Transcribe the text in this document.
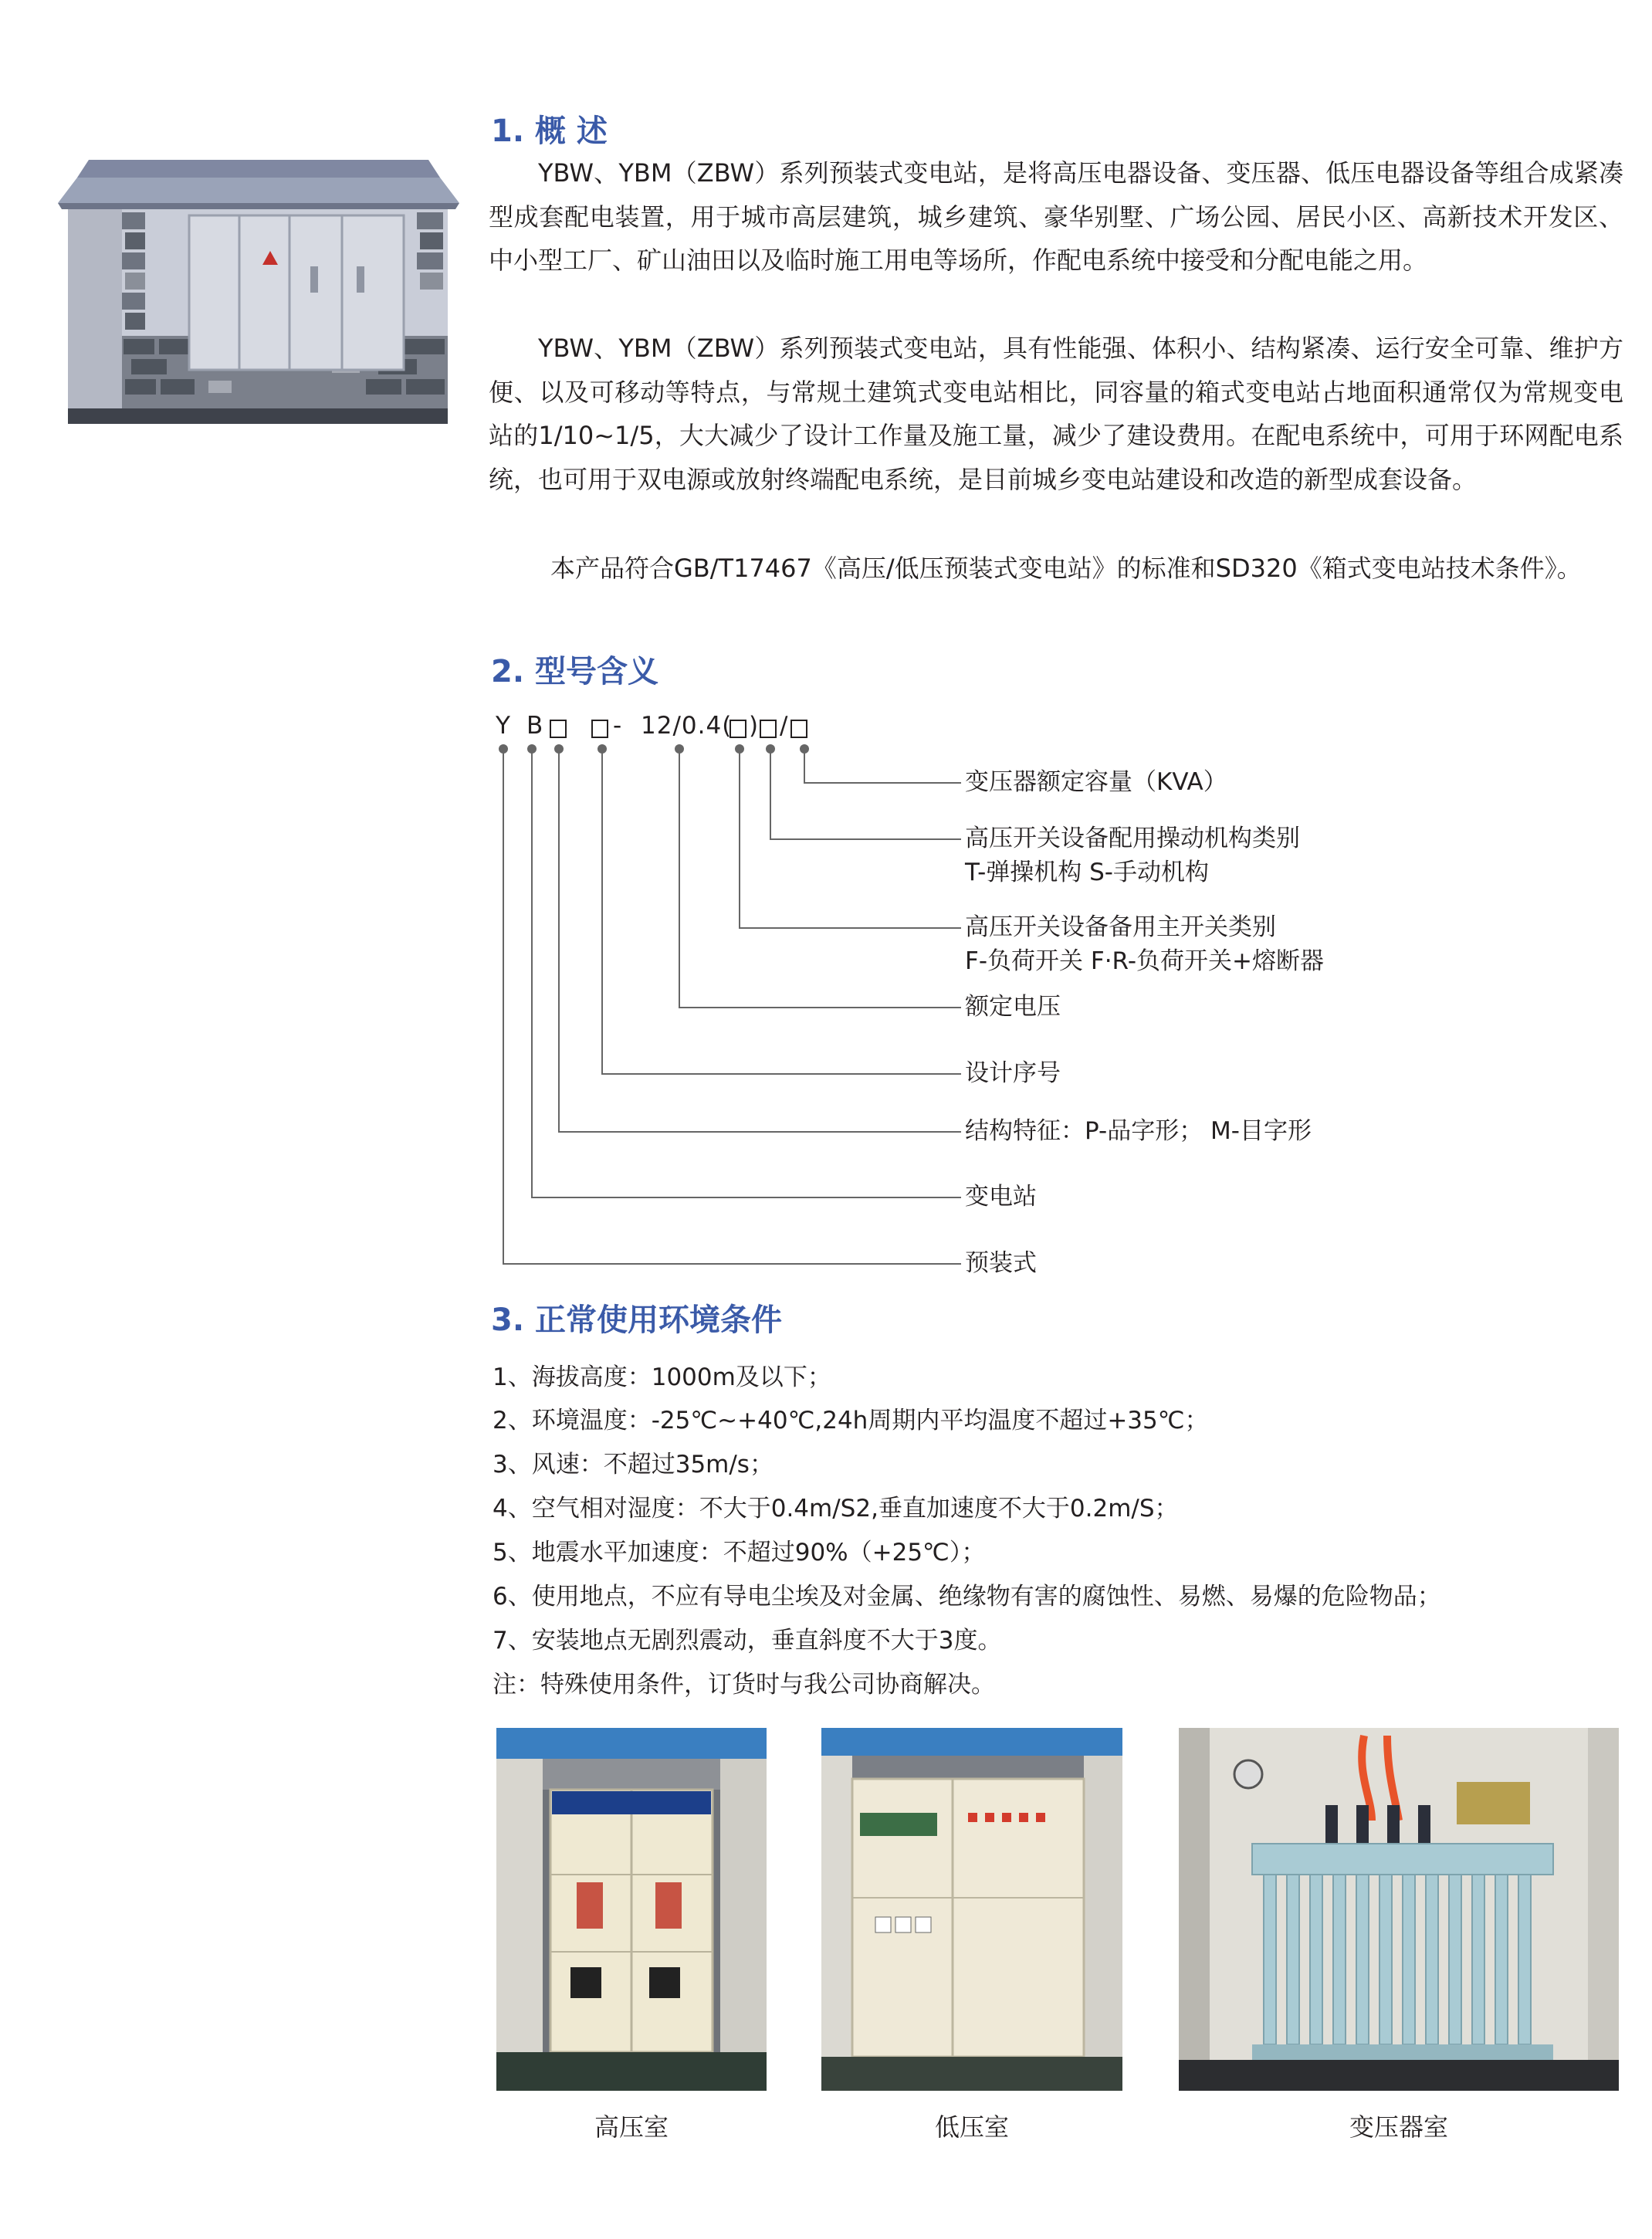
1. 概 述
YBW、YBM（ZBW）系列预装式变电站，是将高压电器设备、变压器、低压电器设备等组合成紧凑型成套配电装置，用于城市高层建筑，城乡建筑、豪华别墅、广场公园、居民小区、高新技术开发区、中小型工厂、矿山油田以及临时施工用电等场所，作配电系统中接受和分配电能之用。
YBW、YBM（ZBW）系列预装式变电站，具有性能强、体积小、结构紧凑、运行安全可靠、维护方便、以及可移动等特点，与常规土建筑式变电站相比，同容量的箱式变电站占地面积通常仅为常规变电站的1/10~1/5，大大减少了设计工作量及施工量，减少了建设费用。在配电系统中，可用于环网配电系统，也可用于双电源或放射终端配电系统，是目前城乡变电站建设和改造的新型成套设备。
本产品符合GB/T17467《高压/低压预装式变电站》的标准和SD320《箱式变电站技术条件》。
2. 型号含义
Y B	- 12/0.4( ) /
变压器额定容量（KVA）
高压开关设备配用操动机构类别
T-弹操机构 S-手动机构
高压开关设备备用主开关类别
F-负荷开关 F·R-负荷开关+熔断器
额定电压
设计序号
结构特征：P-品字形； M-目字形
变电站
预装式
3. 正常使用环境条件
1、海拔高度：1000m及以下；
2、环境温度：-25℃~+40℃,24h周期内平均温度不超过+35℃；
3、风速：不超过35m/s；
4、空气相对湿度：不大于0.4m/S2,垂直加速度不大于0.2m/S；
5、地震水平加速度：不超过90%（+25℃）；
6、使用地点，不应有导电尘埃及对金属、绝缘物有害的腐蚀性、易燃、易爆的危险物品；
7、安装地点无剧烈震动，垂直斜度不大于3度。
注：特殊使用条件，订货时与我公司协商解决。
高压室	低压室	变压器室
